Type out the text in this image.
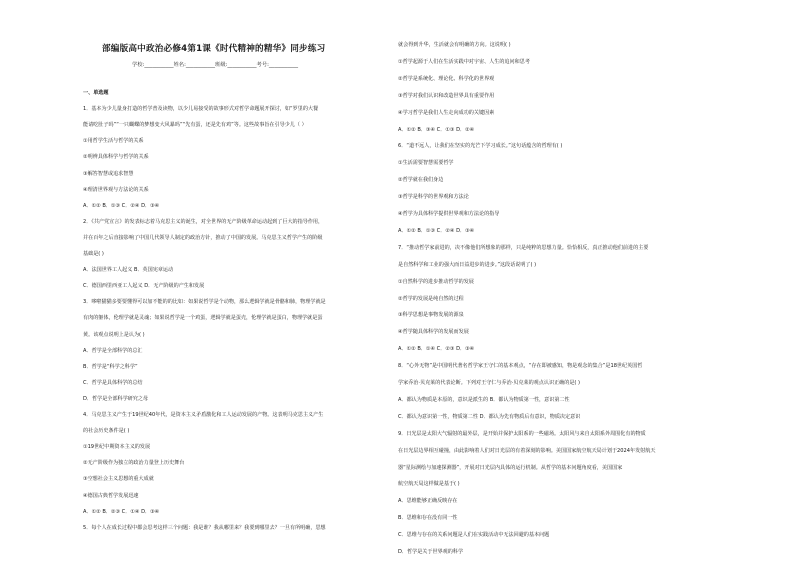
部编版高中政治必修4第1课《时代精神的精华》同步练习
学校:___________姓名:___________班级:___________考号:___________
一、单选题
1．基本为少儿量身打造的哲学普及读物，以少儿易接受的故事形式对哲学命题展开探讨，如“罗里的大餐
能请吃肚子吗”“一只蝴蝶的梦想变大风暴吗”“先有蛋，还是先有鸡”等。这些故事旨在引导少儿（ ）
①用哲学生活与哲学的关系
②明辨具体科学与哲学的关系
③解答智慧或追求智慧
④理清世界观与方法论的关系
A．①② B．①③ C．②④ D．③④
2．《共产党宣言》的发表标志着马克思主义的诞生，对全世界的无产阶级革命运动起到了巨大的指导作用，
并在百年之后直接影响了中国几代领导人制定的政治方针，推动了中国的发展。马克思主义哲学产生的阶级
基础是( )
A．法国世界工人起义 B．英国宪章运动
C．德国西里西亚工人起义 D．无产阶级的产生和发展
3．哆啦猫猫多要要懂得可以加不能的的比如：如果说哲学是个动物，那么逻辑学就是骨骼和肺，物理学就是
有肉的躯体，伦理学就是灵魂；如果说哲学是一个鸡蛋，逻辑学就是蛋壳，伦理学就是蛋白，物理学就是蛋
黄。该观点说明上是认为( )
A．哲学是全部科学的总汇
B．哲学是“科学之科学”
C．哲学是具体科学的总结
D．哲学是全部科学研究之母
4．马克思主义产生于19世纪40年代，是资本主义矛盾激化和工人运动发展的产物。这表明马克思主义产生
的社会历史条件是( )
①19世纪中期资本主义的发展
②无产阶级作为独立的政治力量登上历史舞台
③空想社会主义思想的重大成就
④德国古典哲学发展迅速
A．①② B．②③ C．①④ D．③④
5．每个人在成长过程中都会思考这样三个问题：我是谁？我从哪里来？我要到哪里去？一旦有所明确，思想
就会得到升华，生活就会有明确的方向。这说明( )
①哲学起源于人们在生活实践中对宇宙、人生的追问和思考
②哲学是系统化、理论化、科学化的世界观
③哲学对我们认识和改造世界具有重要作用
④学习哲学是我们人生走向成功的关键因素
A．①② B．③④ C．①③ D．②④
6．“道不远人，让我们在坚实的光芒下学习成长。”这句话蕴含的哲理有( )
①生活需要智慧需要哲学
②哲学就在我们身边
③哲学是科学的世界观和方法论
④哲学为具体科学提供世界观和方法论的指导
A．①② B．①③ C．②④ D．③④
7．“推动哲学家前进的，决不像他们所想象的那样，只是纯粹的思想力量。恰恰相反，真正推动他们前进的主要
是自然科学和工业的强大而日益进步的进步。”这段话说明了( )
①自然科学的进步推动哲学的发展
②哲学的发展是纯自然的过程
③科学思想是事物发展的源泉
④哲学随具体科学的发展而发展
A．①② B．①④ C．②③ D．③④
8．“心外无物”是中国明代著名哲学家王守仁的基本观点，“存在即被感知，物是观念的集合”是18世纪英国哲
学家乔治·贝克莱的代表论断。下列对王守仁与乔治·贝克莱的观点认识正确的是( )
A．都认为物质是本原的，意识是派生的 B．都认为物质第一性，意识第二性
C．都认为意识第一性，物质第二性 D．都认为先有物质后有意识，物质决定意识
9．日光层是太阳大气辐射的最外层，是开始并保护太阳系的一些磁场。太阳风与来自太阳系外周围化有的物质
在日光层边界相互碰撞，由此影响着人们对日光层的有着深刻的影响。美国国家航空航天局计划于2024年发射航天
器“星际测绘与加速探测器”，开展对日光层内具体的运行机制。从哲学的基本问题角度看，美国国家
航空航天局这样做是基于( )
A．思维能够正确反映存在
B．思维和存在没有同一性
C．思维与存在的关系问题是人们在实践活动中无法回避的基本问题
D．哲学是关于世界观的科学
